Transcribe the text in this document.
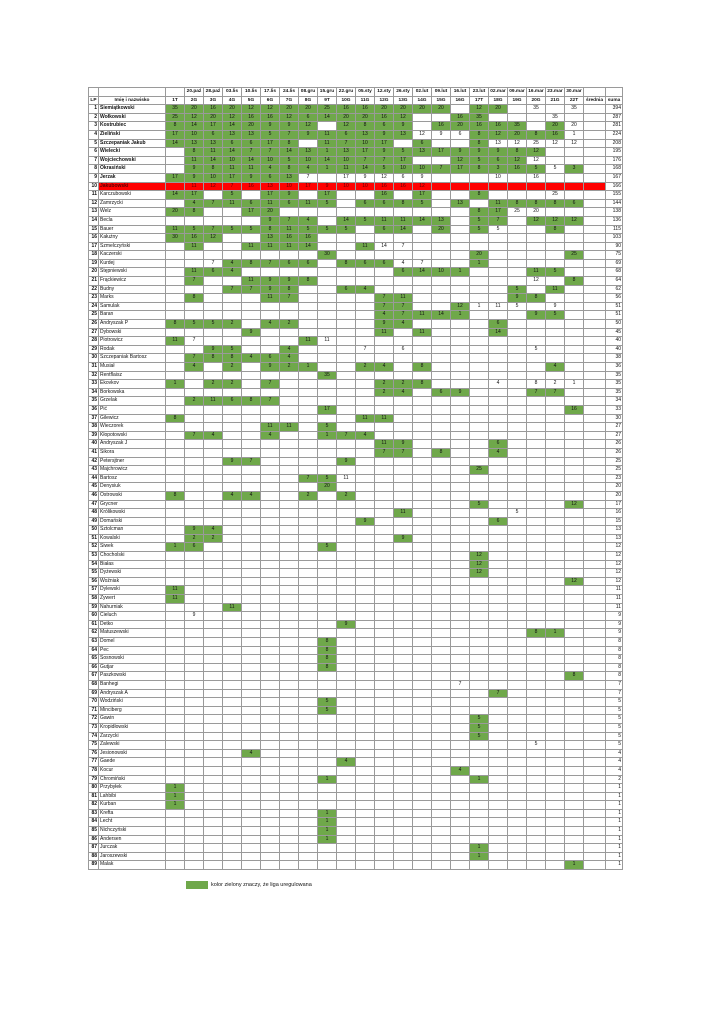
			20.paź	28.paź	03.lis	10.lis	17.lis	24.lis	08.gru	15.gru	22.gru	05.sty	12.sty	26.sty	02.lut	09.lut	16.lut	23.lut	02.mar	09.mar	16.mar	23.mar	30.mar		
LP	Imię i nazwisko	1T	2G	3G	4G	5G	6G	7G	8G	9T	10G	11G	12G	13G	14G	15G	16G	17T	18G	19G	20G	21G	22T	średnia	suma
1	Siemiątkowski	35	20	16	20	12	12	20	20	25	16	16	20	20	20	20		12	20		35		35		394
2	Wołkowski	25	12	20	12	16	16	12	6	14	20	20	16	12			16	35				35			287
3	Kostrubiec	8	14	17	14	20	9	9	12		12	8	6	9		16	20	16	16	35		20	20		281
4	Zieliński	17	10	6	13	13	5	7	9	11	6	13	9	13	12	9	6	8	12	20	8	16	1		224
5	Szczepaniak Jakub	14	13	13	6	6	17	8		11	7	10	17		6			8	13	12	25	12	12		208
6	Wielecki		8	11	14	7	7	14	13	1	13	17	9	5	13	17	9	9	9	8	12				195
7	Wojciechowski		11	14	10	14	10	5	10	14	10	7	7	17			12	5	6	12	12				176
8	Okrasiński		9	8	11	11	4	8	4	1	11	14	5	10	10	7	17	8	3	16	5	5	3		168
9	Jerzak	17	9	10	17	9	6	13	7		17	9	12	6	9				10		16				167
10	Jakubowski		11	12	7	16	13	10	17	9	10	10	16	16	12										166
11	Karczubowski	14	17		5		17	9		17			16		17			8				25			155
12	Zamrzycki		4	7	11	6	11	6	11	5		6	6	8	5		13		11	8	8	8	6		144
13	Welz	20	8			17	20											8	17	25	20				138
14	Becla						9	7	4		14	5	11	11	14	13		5	7		12	12	12		136
15	Bauer	11	5	7	5	5	8	11	5	5	5		6	14		20		5	5			8			115
16	Kałużny	30	16	12			13	16	16																103
17	Szmelczyński		11			11	11	11	14			11	14	7											90
18	Kaczerski									30								20					25		75
19	Kurdej			7	4	8	7	6	6		8	6	6	4	7			1							69
20	Stępniewski		11	6	4									6	14	10	1				11	5			68
21	Frąckiewicz		7			11	9	9	8												12		8		64
22	Budny				7	7	9	8			6	4								5		11			62
23	Marks		8				11	7					7	11						9	8				56
24	Samulak												7	7			12	1	11	5		9			51
25	Baran												4	7	11	14	1				9	5			51
26	Andryszak P	8	5	5	2		4	2					9	4					6						50
27	Dybowski					9							11		11				14						45
28	Piotrowicz	11	7						11	11															40
29	Rodak			9	5			4				7		6							5				40
30	Szczepaniak Bartosz		7	8	8	4	6	4																	38
31	Musiał		4		2		9	2	1			2	4		8							4			36
32	Rentflaisz									35															35
33	Ekovkov	1		2	2		7						2	2	8				4		8	2	1		35
34	Borkowska												2	4		6	9				7	7			35
35	Grzelak		2	11	6	8	7																		34
36	Pić									17													16		33
37	Gilewicz	8										11	11												30
38	Wieczorek						11	11		5															27
39	Kłopotowski		7	4			4			1	7	4													27
40	Andryszak J												11	9					6						26
41	Sikora												7	7		8			4						26
42	Petersjtner				9	7					9														25
43	Majchrowicz																	25							25
44	Bartosz								7	5	11														23
45	Denysiuk									20															20
46	Ostrowski	8			4	4			2		2														20
47	Grycner																	5					12		17
48	Królikowski													11						5					16
49	Domański											9							6						15
50	Sztolcman		9	4																					13
51	Kowalski		2	2										9											13
52	Siwek	1	6							5															12
53	Chocholski																	12							12
54	Białas																	12							12
55	Dyżewski																	12							12
56	Woźniak																						12		12
57	Dylewski	11																							11
58	Żywert	11																							11
59	Nahurniak				11																				11
60	Cieluch		9																						9
61	Detko										9														9
62	Matuszewski																				8	1			9
63	Domel									8															8
64	Pec									8															8
65	Sosnowski									8															8
66	Gutjar									8															8
67	Paszkowski																						8		8
68	Banhegi																7								7
69	Andryszak A																		7						7
70	Wodziński									5															5
71	Minciberg									5															5
72	Gawin																	5							5
73	Kropidłowski																	5							5
74	Zarzycki																	5							5
75	Zalewski																				5				5
76	Jesionowski					4																			4
77	Gaede										4														4
78	Kocur																4								4
79	Chromiński									1								1							2
80	Przybyłek	1																							1
81	Lahbibi	1																							1
82	Kurban	1																							1
83	Krefta									1															1
84	Lecht									1															1
85	Nichczyński									1															1
86	Andersen									1															1
87	Jurczak																	1							1
88	Jaroszewski																	1							1
89	Malak																						1		1
kolor zielony znaczy, że liga uregulowana
